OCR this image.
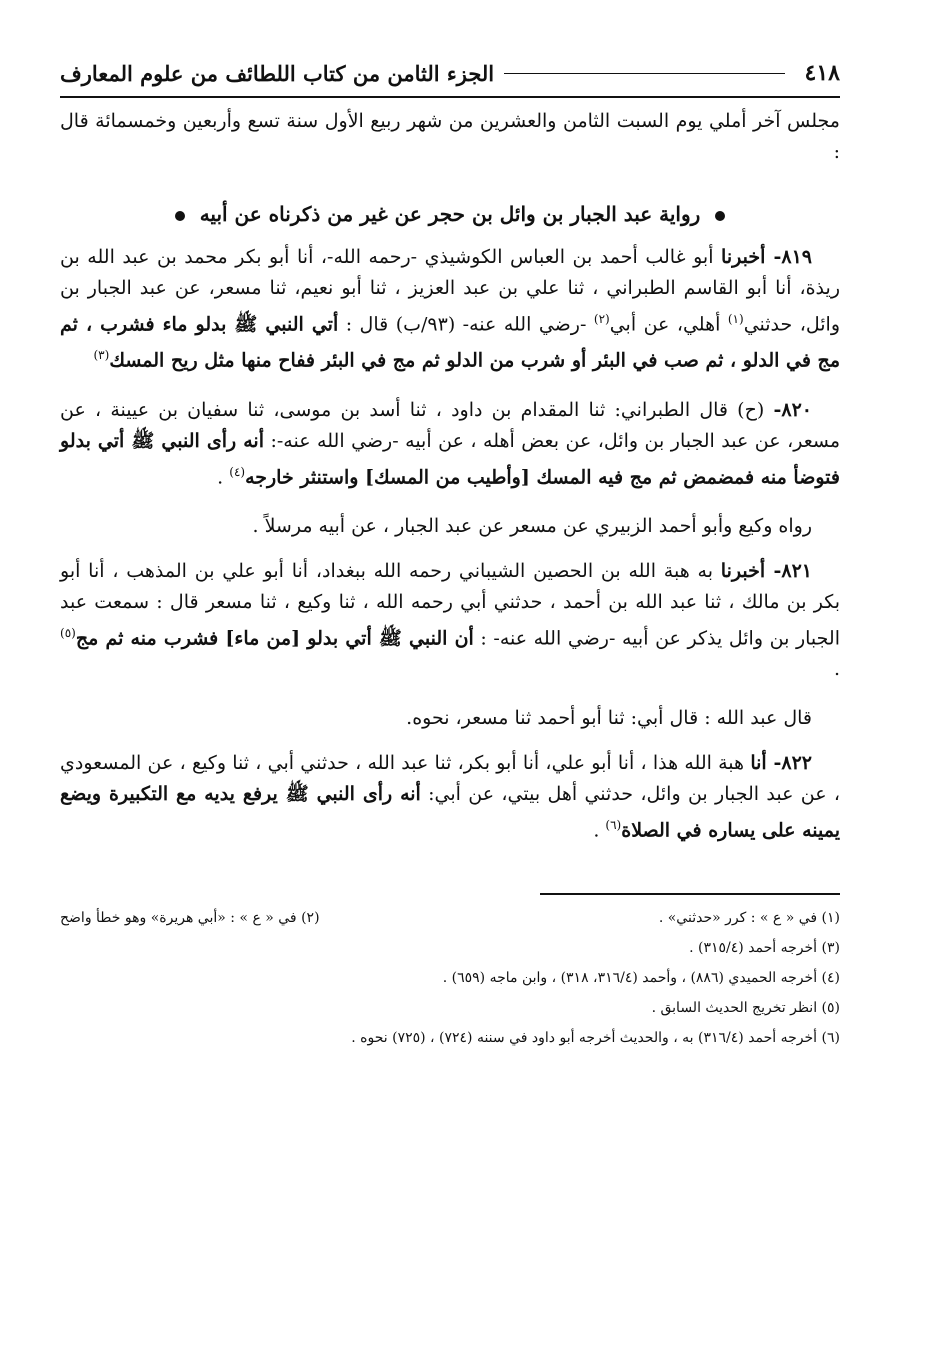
٤١٨
الجزء الثامن من كتاب اللطائف من علوم المعارف

مجلس آخر أملي يوم السبت الثامن والعشرين من شهر ربيع الأول سنة تسع وأربعين وخمسمائة قال :

رواية عبد الجبار بن وائل بن حجر عن غير من ذكرناه عن أبيه

٨١٩- أخبرنا أبو غالب أحمد بن العباس الكوشيذي -رحمه الله-، أنا أبو بكر محمد بن عبد الله بن ريذة، أنا أبو القاسم الطبراني ، ثنا علي بن عبد العزيز ، ثنا أبو نعيم، ثنا مسعر، عن عبد الجبار بن وائل، حدثني$^{(١)}$ أهلي، عن أبي$^{(٢)}$ -رضي الله عنه- (٩٣/ب) قال : أتي النبي ﷺ بدلو ماء فشرب ، ثم مج في الدلو ، ثم صب في البئر أو شرب من الدلو ثم مج في البئر ففاح منها مثل ريح المسك$^{(٣)}$

٨٢٠- (ح) قال الطبراني: ثنا المقدام بن داود ، ثنا أسد بن موسى، ثنا سفيان بن عيينة ، عن مسعر، عن عبد الجبار بن وائل، عن بعض أهله ، عن أبيه -رضي الله عنه-: أنه رأى النبي ﷺ أتي بدلو فتوضأ منه فمضمض ثم مج فيه المسك [وأطيب من المسك] واستنثر خارجه$^{(٤)}$ .

رواه وكيع وأبو أحمد الزبيري عن مسعر عن عبد الجبار ، عن أبيه مرسلاً .

٨٢١- أخبرنا به هبة الله بن الحصين الشيباني رحمه الله ببغداد، أنا أبو علي بن المذهب ، أنا أبو بكر بن مالك ، ثنا عبد الله بن أحمد ، حدثني أبي رحمه الله ، ثنا وكيع ، ثنا مسعر قال : سمعت عبد الجبار بن وائل يذكر عن أبيه -رضي الله عنه- : أن النبي ﷺ أتي بدلو [من ماء] فشرب منه ثم مج$^{(٥)}$ .

قال عبد الله : قال أبي: ثنا أبو أحمد ثنا مسعر، نحوه.

٨٢٢- أنا هبة الله هذا ، أنا أبو علي، أنا أبو بكر، ثنا عبد الله ، حدثني أبي ، ثنا وكيع ، عن المسعودي ، عن عبد الجبار بن وائل، حدثني أهل بيتي، عن أبي: أنه رأى النبي ﷺ يرفع يديه مع التكبيرة ويضع يمينه على يساره في الصلاة$^{(٦)}$ .

(١) في « ع » : كرر «حدثني» .
(٢) في « ع » : «أبي هريرة» وهو خطأ واضح
(٣) أخرجه أحمد (٣١٥/٤) .
(٤) أخرجه الحميدي (٨٨٦) ، وأحمد (٣١٦/٤، ٣١٨) ، وابن ماجه (٦٥٩) .
(٥) انظر تخريج الحديث السابق .
(٦) أخرجه أحمد (٣١٦/٤) به ، والحديث أخرجه أبو داود في سننه (٧٢٤) ، (٧٢٥) نحوه .
